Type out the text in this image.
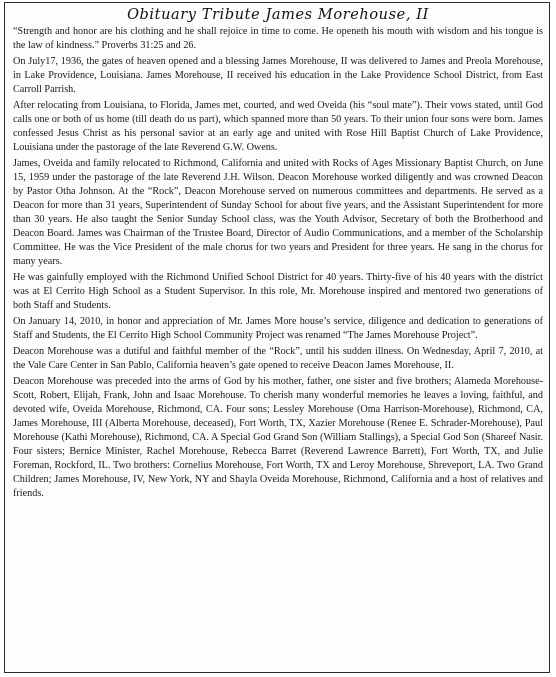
Obituary Tribute James Morehouse, II

“Strength and honor are his clothing and he shall rejoice in time to come. He openeth his mouth with wisdom and his tongue is the law of kindness.” Proverbs 31:25 and 26.

On July17, 1936, the gates of heaven opened and a blessing James Morehouse, II was delivered to James and Preola Morehouse, in Lake Providence, Louisiana. James Morehouse, II received his education in the Lake Providence School District, from East Carroll Parrish.

After relocating from Louisiana, to Florida, James met, courted, and wed Oveida (his “soul mate”). Their vows stated, until God calls one or both of us home (till death do us part), which spanned more than 50 years. To their union four sons were born. James confessed Jesus Christ as his personal savior at an early age and united with Rose Hill Baptist Church of Lake Providence, Louisiana under the pastorage of the late Reverend G.W. Owens.

James, Oveida and family relocated to Richmond, California and united with Rocks of Ages Missionary Baptist Church, on June 15, 1959 under the pastorage of the late Reverend J.H. Wilson. Deacon Morehouse worked diligently and was crowned Deacon by Pastor Otha Johnson. At the “Rock”, Deacon Morehouse served on numerous committees and departments. He served as a Deacon for more than 31 years, Superintendent of Sunday School for about five years, and the Assistant Superintendent for more than 30 years. He also taught the Senior Sunday School class, was the Youth Advisor, Secretary of both the Brotherhood and Deacon Board. James was Chairman of the Trustee Board, Director of Audio Communications, and a member of the Scholarship Committee. He was the Vice President of the male chorus for two years and President for three years. He sang in the chorus for many years.

He was gainfully employed with the Richmond Unified School District for 40 years. Thirty-five of his 40 years with the district was at El Cerrito High School as a Student Supervisor. In this role, Mr. Morehouse inspired and mentored two generations of both Staff and Students.

On January 14, 2010, in honor and appreciation of Mr. James More house’s service, diligence and dedication to generations of Staff and Students, the El Cerrito High School Community Project was renamed “The James Morehouse Project”.

Deacon Morehouse was a dutiful and faithful member of the “Rock”, until his sudden illness. On Wednesday, April 7, 2010, at the Vale Care Center in San Pablo, California heaven’s gate opened to receive Deacon James Morehouse, II.

Deacon Morehouse was preceded into the arms of God by his mother, father, one sister and five brothers; Alameda Morehouse-Scott, Robert, Elijah, Frank, John and Isaac Morehouse. To cherish many wonderful memories he leaves a loving, faithful, and devoted wife, Oveida Morehouse, Richmond, CA. Four sons; Lessley Morehouse (Oma Harrison-Morehouse), Richmond, CA, James Morehouse, III (Alberta Morehouse, deceased), Fort Worth, TX, Xazier Morehouse (Renee E. Schrader-Morehouse), Paul Morehouse (Kathi Morehouse), Richmond, CA. A Special God Grand Son (William Stallings), a Special God Son (Shareef Nasir. Four sisters; Bernice Minister, Rachel Morehouse, Rebecca Barret (Reverend Lawrence Barrett), Fort Worth, TX, and Julie Foreman, Rockford, IL. Two brothers: Cornelius Morehouse, Fort Worth, TX and Leroy Morehouse, Shreveport, LA. Two Grand Children; James Morehouse, IV, New York, NY and Shayla Oveida Morehouse, Richmond, California and a host of relatives and friends.
